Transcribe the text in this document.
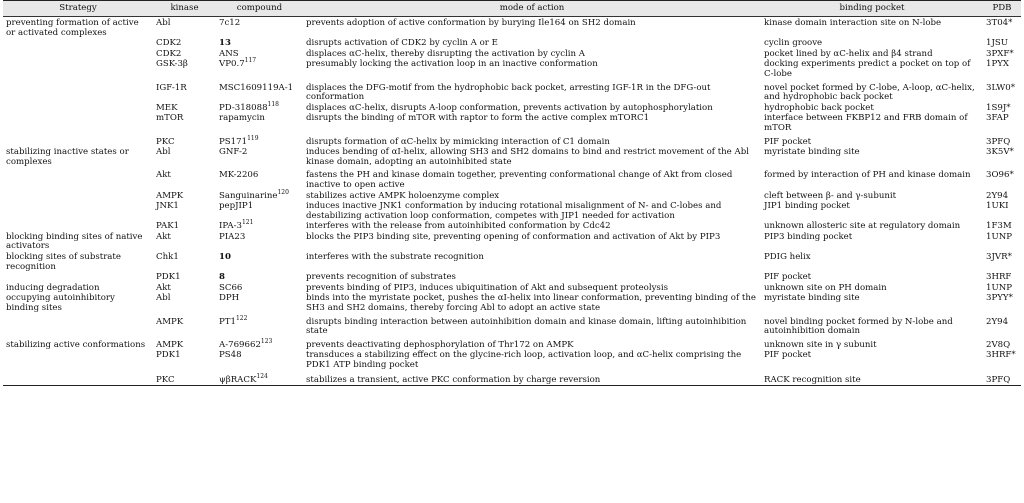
Strategy	kinase	compound	mode of action	binding pocket	PDB
preventing formation of active or activated complexes	Abl	7c12	prevents adoption of active conformation by burying Ile164 on SH2 domain	kinase domain interaction site on N-lobe	3T04*
	CDK2	13	disrupts activation of CDK2 by cyclin A or E	cyclin groove	1JSU
	CDK2	ANS	displaces αC-helix, thereby disrupting the activation by cyclin A	pocket lined by αC-helix and β4 strand	3PXF*
	GSK-3β	$VP0.7^{117}$	presumably locking the activation loop in an inactive conformation	docking experiments predict a pocket on top of C-lobe	1PYX
	IGF-1R	MSC1609119A-1	displaces the DFG-motif from the hydrophobic back pocket, arresting IGF-1R in the DFG-out conformation	novel pocket formed by C-lobe, A-loop, αC-helix, and hydrophobic back pocket	3LW0*
	MEK	PD-318088$^{118}$	displaces αC-helix, disrupts A-loop conformation, prevents activation by autophosphorylation	hydrophobic back pocket	1S9J*
	mTOR	rapamycin	disrupts the binding of mTOR with raptor to form the active complex mTORC1	interface between FKBP12 and FRB domain of mTOR	3FAP
	PKC	$PS171^{119}$	disrupts formation of αC-helix by mimicking interaction of C1 domain	PIF pocket	3PFQ
stabilizing inactive states or complexes	Abl	GNF-2	induces bending of αI-helix, allowing SH3 and SH2 domains to bind and restrict movement of the Abl kinase domain, adopting an autoinhibited state	myristate binding site	3K5V*
	Akt	MK-2206	fastens the PH and kinase domain together, preventing conformational change of Akt from closed inactive to open active	formed by interaction of PH and kinase domain	3O96*
	AMPK	Sanguinarine$^{120}$	stabilizes active AMPK holoenzyme complex	cleft between β- and γ-subunit	2Y94
	JNK1	pepJIP1	induces inactive JNK1 conformation by inducing rotational misalignment of N- and C-lobes and destabilizing activation loop conformation, competes with JIP1 needed for activation	JIP1 binding pocket	1UKI
	PAK1	IPA-$3^{121}$	interferes with the release from autoinhibited conformation by Cdc42	unknown allosteric site at regulatory domain	1F3M
blocking binding sites of native activators	Akt	PIA23	blocks the PIP3 binding site, preventing opening of conformation and activation of Akt by PIP3	PIP3 binding pocket	1UNP
blocking sites of substrate recognition	Chk1	10	interferes with the substrate recognition	PDIG helix	3JVR*
	PDK1	8	prevents recognition of substrates	PIF pocket	3HRF
inducing degradation	Akt	SC66	prevents binding of PIP3, induces ubiquitination of Akt and subsequent proteolysis	unknown site on PH domain	1UNP
occupying autoinhibitory binding sites	Abl	DPH	binds into the myristate pocket, pushes the αI-helix into linear conformation, preventing binding of the SH3 and SH2 domains, thereby forcing Abl to adopt an active state	myristate binding site	3PYY*
	AMPK	$PT1^{122}$	disrupts binding interaction between autoinhibition domain and kinase domain, lifting autoinhibition state	novel binding pocket formed by N-lobe and autoinhibition domain	2Y94
stabilizing active conformations	AMPK	A-769662$^{123}$	prevents deactivating dephosphorylation of Thr172 on AMPK	unknown site in γ subunit	2V8Q
	PDK1	PS48	transduces a stabilizing effect on the glycine-rich loop, activation loop, and αC-helix comprising the PDK1 ATP binding pocket	PIF pocket	3HRF*
	PKC	ψβRACK$^{124}$	stabilizes a transient, active PKC conformation by charge reversion	RACK recognition site	3PFQ
